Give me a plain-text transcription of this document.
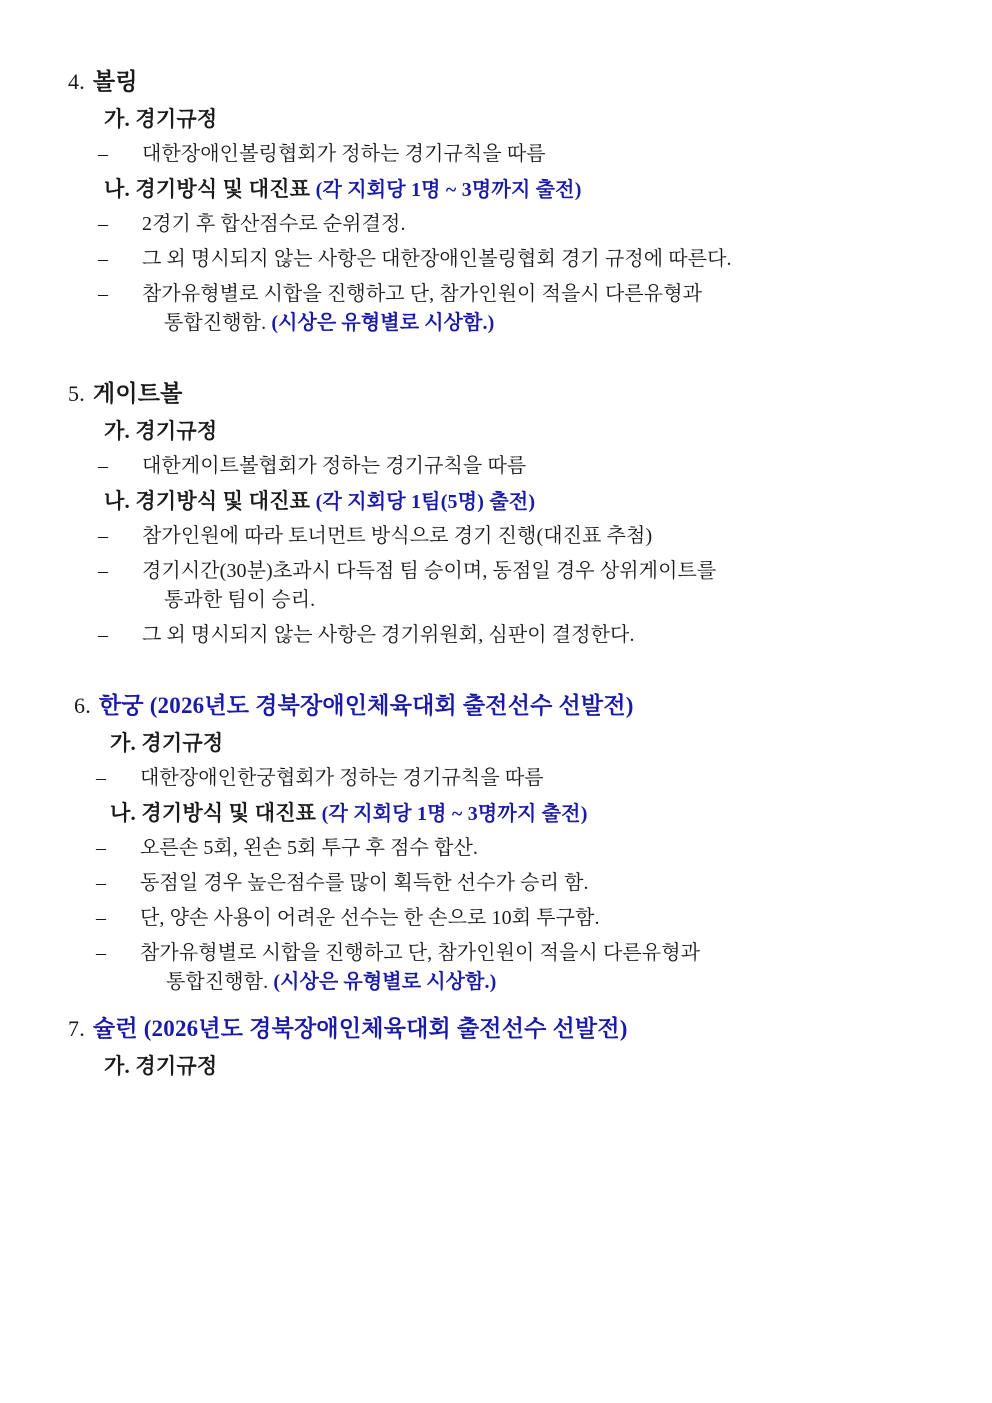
4. 볼링
가. 경기규정
– 대한장애인볼링협회가 정하는 경기규칙을 따름
나. 경기방식 및 대진표 (각 지회당 1명 ~ 3명까지 출전)
– 2경기 후 합산점수로 순위결정.
– 그 외 명시되지 않는 사항은 대한장애인볼링협회 경기 규정에 따른다.
– 참가유형별로 시합을 진행하고 단, 참가인원이 적을시 다른유형과
통합진행함. (시상은 유형별로 시상함.)
5. 게이트볼
가. 경기규정
– 대한게이트볼협회가 정하는 경기규칙을 따름
나. 경기방식 및 대진표 (각 지회당 1팀(5명) 출전)
– 참가인원에 따라 토너먼트 방식으로 경기 진행(대진표 추첨)
– 경기시간(30분)초과시 다득점 팀 승이며, 동점일 경우 상위게이트를
통과한 팀이 승리.
– 그 외 명시되지 않는 사항은 경기위원회, 심판이 결정한다.
6. 한궁 (2026년도 경북장애인체육대회 출전선수 선발전)
가. 경기규정
– 대한장애인한궁협회가 정하는 경기규칙을 따름
나. 경기방식 및 대진표 (각 지회당 1명 ~ 3명까지 출전)
– 오른손 5회, 왼손 5회 투구 후 점수 합산.
– 동점일 경우 높은점수를 많이 획득한 선수가 승리 함.
– 단, 양손 사용이 어려운 선수는 한 손으로 10회 투구함.
– 참가유형별로 시합을 진행하고 단, 참가인원이 적을시 다른유형과
통합진행함. (시상은 유형별로 시상함.)
7. 슐런 (2026년도 경북장애인체육대회 출전선수 선발전)
가. 경기규정
